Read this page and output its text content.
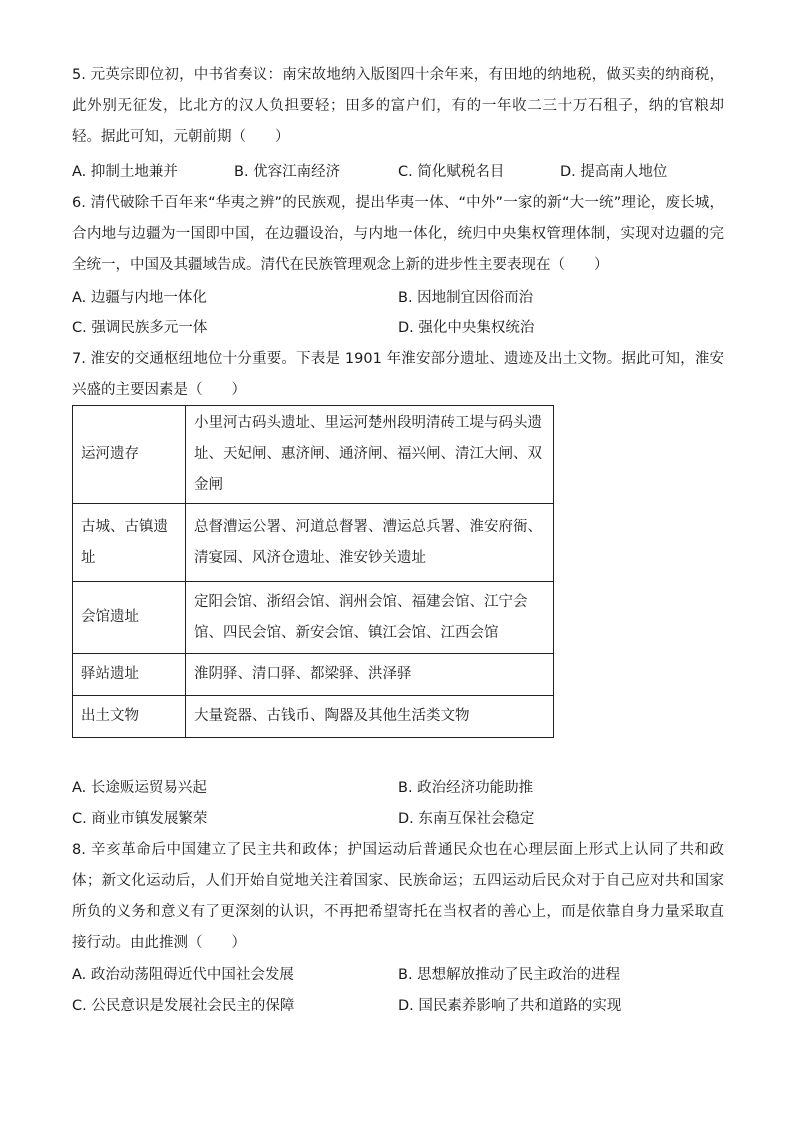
5. 元英宗即位初，中书省奏议：南宋故地纳入版图四十余年来，有田地的纳地税，做买卖的纳商税，此外别无征发，比北方的汉人负担要轻；田多的富户们，有的一年收二三十万石租子，纳的官粮却轻。据此可知，元朝前期（　　）
A. 抑制土地兼并	B. 优容江南经济	C. 简化赋税名目	D. 提高南人地位
6. 清代破除千百年来“华夷之辨”的民族观，提出华夷一体、“中外”一家的新“大一统”理论，废长城，合内地与边疆为一国即中国，在边疆设治，与内地一体化，统归中央集权管理体制，实现对边疆的完全统一，中国及其疆域告成。清代在民族管理观念上新的进步性主要表现在（　　）
A. 边疆与内地一体化	B. 因地制宜因俗而治
C. 强调民族多元一体	D. 强化中央集权统治
7. 淮安的交通枢纽地位十分重要。下表是 1901 年淮安部分遗址、遗迹及出土文物。据此可知，淮安兴盛的主要因素是（　　）
运河遗存	小里河古码头遗址、里运河楚州段明清砖工堤与码头遗址、天妃闸、惠济闸、通济闸、福兴闸、清江大闸、双金闸
古城、古镇遗址	总督漕运公署、河道总督署、漕运总兵署、淮安府衙、清宴园、风济仓遗址、淮安钞关遗址
会馆遗址	定阳会馆、浙绍会馆、润州会馆、福建会馆、江宁会馆、四民会馆、新安会馆、镇江会馆、江西会馆
驿站遗址	淮阴驿、清口驿、都梁驿、洪泽驿
出土文物	大量瓷器、古钱币、陶器及其他生活类文物
A. 长途贩运贸易兴起	B. 政治经济功能助推
C. 商业市镇发展繁荣	D. 东南互保社会稳定
8. 辛亥革命后中国建立了民主共和政体；护国运动后普通民众也在心理层面上形式上认同了共和政体；新文化运动后，人们开始自觉地关注着国家、民族命运；五四运动后民众对于自己应对共和国家所负的义务和意义有了更深刻的认识，不再把希望寄托在当权者的善心上，而是依靠自身力量采取直接行动。由此推测（　　）
A. 政治动荡阻碍近代中国社会发展	B. 思想解放推动了民主政治的进程
C. 公民意识是发展社会民主的保障	D. 国民素养影响了共和道路的实现
